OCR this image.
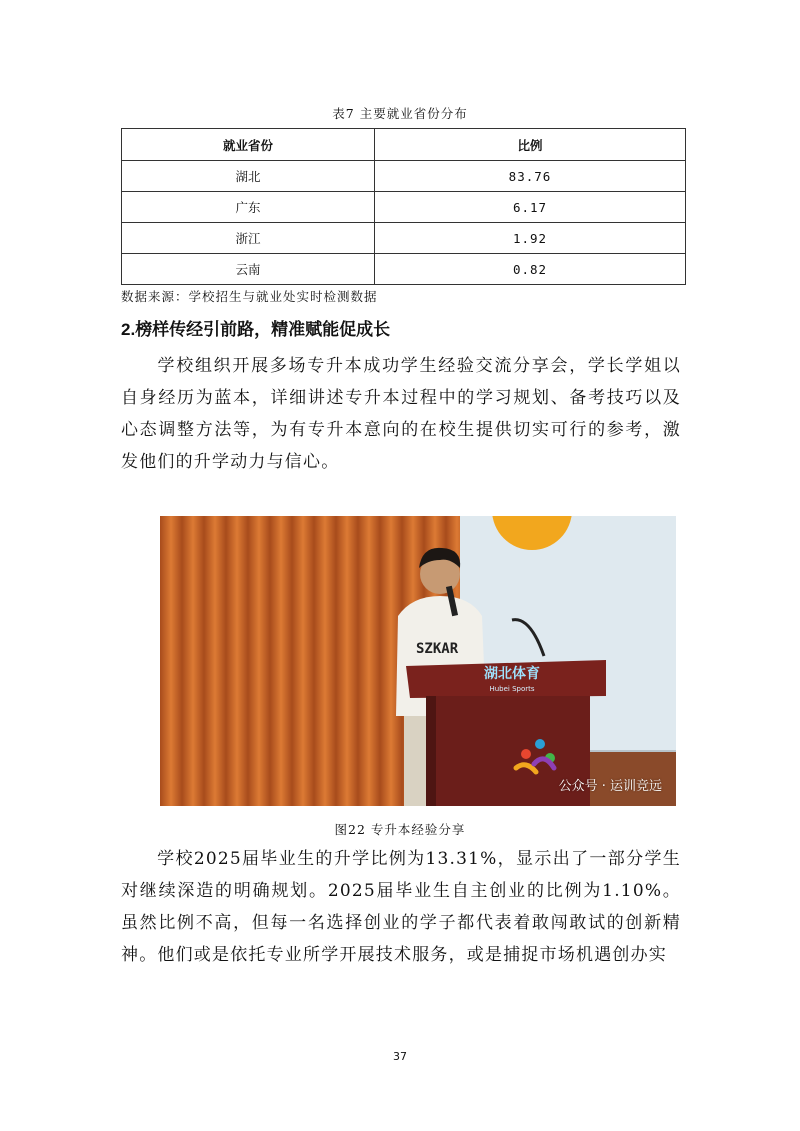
表7 主要就业省份分布
就业省份	比例
湖北	83.76
广东	6.17
浙江	1.92
云南	0.82
数据来源：学校招生与就业处实时检测数据
2.榜样传经引前路，精准赋能促成长

学校组织开展多场专升本成功学生经验交流分享会，学长学姐以自身经历为蓝本，详细讲述专升本过程中的学习规划、备考技巧以及心态调整方法等，为有专升本意向的在校生提供切实可行的参考，激发他们的升学动力与信心。

SZKAR
湖北体育
Hubei Sports
公众号 · 运训竞远
图22 专升本经验分享

学校2025届毕业生的升学比例为13.31%，显示出了一部分学生对继续深造的明确规划。2025届毕业生自主创业的比例为1.10%。虽然比例不高，但每一名选择创业的学子都代表着敢闯敢试的创新精神。他们或是依托专业所学开展技术服务，或是捕捉市场机遇创办实

37
